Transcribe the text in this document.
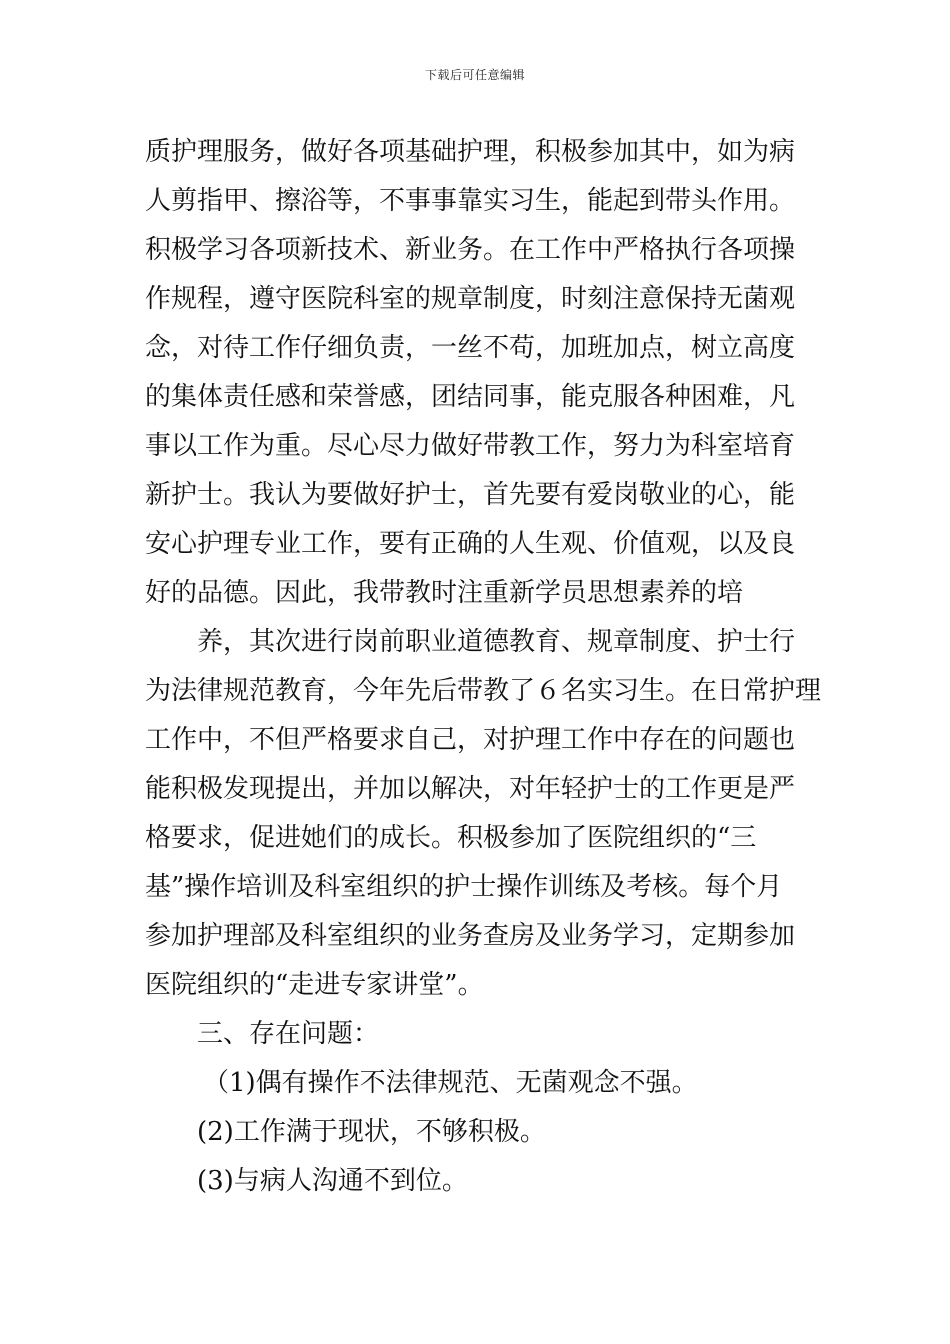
下载后可任意编辑
质护理服务，做好各项基础护理，积极参加其中，如为病
人剪指甲、擦浴等，不事事靠实习生，能起到带头作用。
积极学习各项新技术、新业务。在工作中严格执行各项操
作规程，遵守医院科室的规章制度，时刻注意保持无菌观
念，对待工作仔细负责，一丝不苟，加班加点，树立高度
的集体责任感和荣誉感，团结同事，能克服各种困难，凡
事以工作为重。尽心尽力做好带教工作，努力为科室培育
新护士。我认为要做好护士，首先要有爱岗敬业的心，能
安心护理专业工作，要有正确的人生观、价值观，以及良
好的品德。因此，我带教时注重新学员思想素养的培
养，其次进行岗前职业道德教育、规章制度、护士行
为法律规范教育，今年先后带教了６名实习生。在日常护理
工作中，不但严格要求自己，对护理工作中存在的问题也
能积极发现提出，并加以解决，对年轻护士的工作更是严
格要求，促进她们的成长。积极参加了医院组织的“三
基”操作培训及科室组织的护士操作训练及考核。每个月
参加护理部及科室组织的业务查房及业务学习，定期参加
医院组织的“走进专家讲堂”。
三、存在问题：
（1)偶有操作不法律规范、无菌观念不强。
(2)工作满于现状，不够积极。
(3)与病人沟通不到位。
